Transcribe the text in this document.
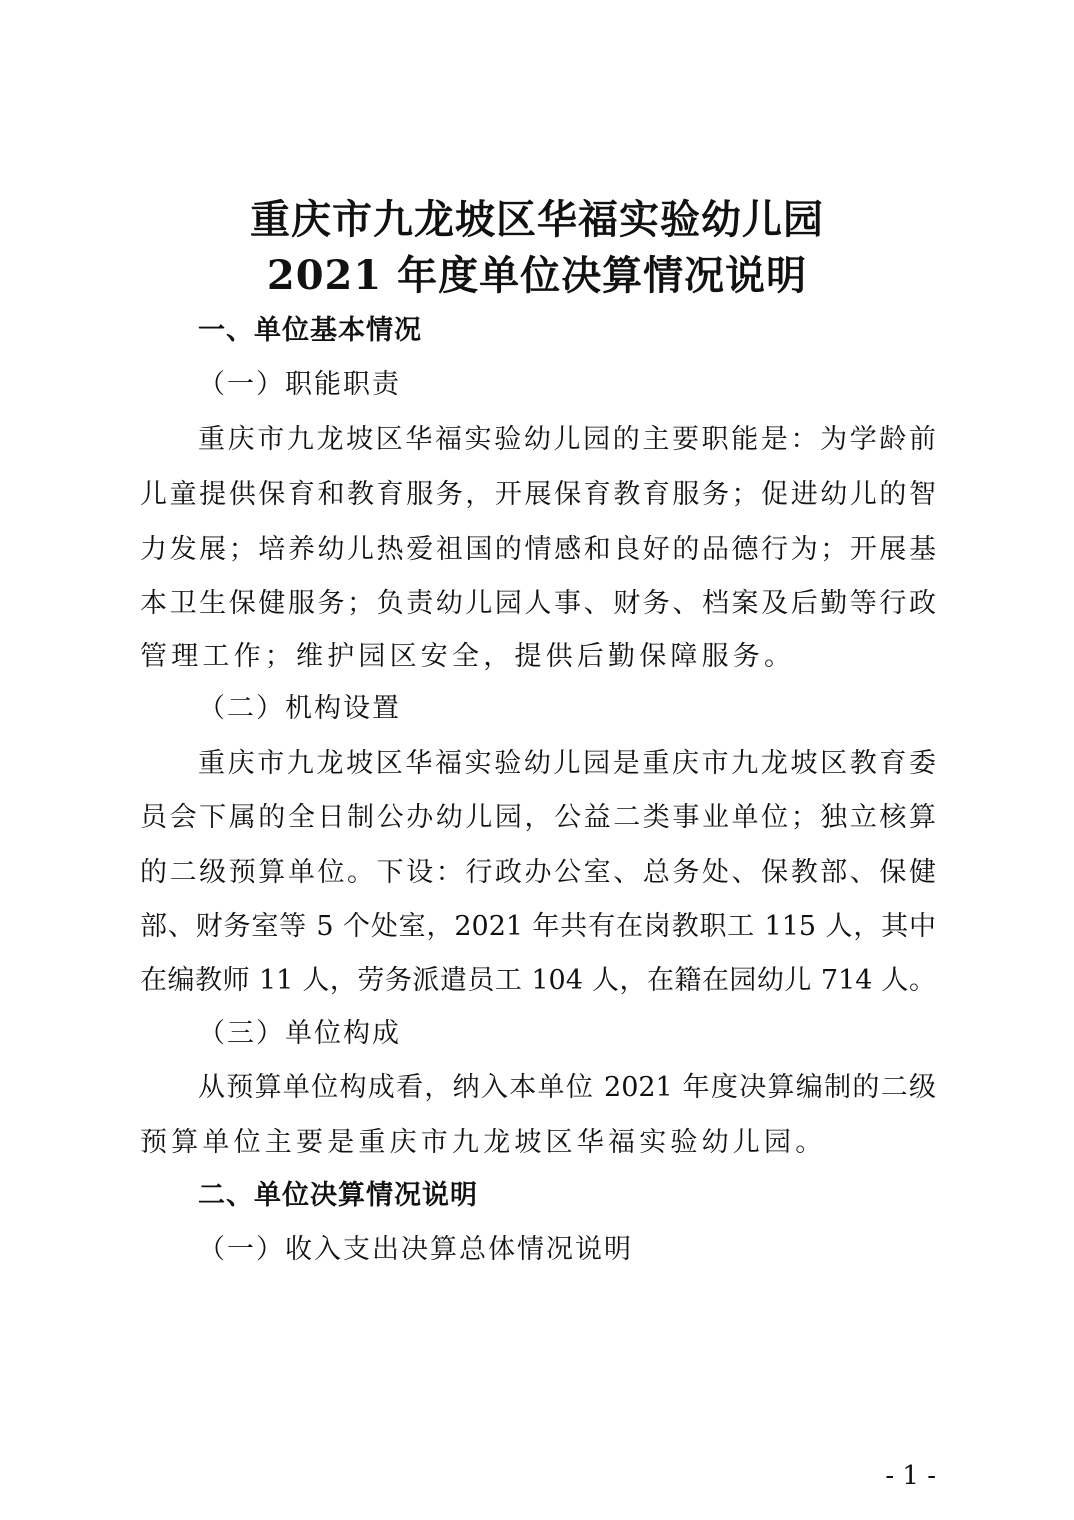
重庆市九龙坡区华福实验幼儿园
2021 年度单位决算情况说明
一、单位基本情况
（一）职能职责
重庆市九龙坡区华福实验幼儿园的主要职能是：为学龄前
儿童提供保育和教育服务，开展保育教育服务；促进幼儿的智
力发展；培养幼儿热爱祖国的情感和良好的品德行为；开展基
本卫生保健服务；负责幼儿园人事、财务、档案及后勤等行政
管理工作；维护园区安全，提供后勤保障服务。
（二）机构设置
重庆市九龙坡区华福实验幼儿园是重庆市九龙坡区教育委
员会下属的全日制公办幼儿园，公益二类事业单位；独立核算
的二级预算单位。下设：行政办公室、总务处、保教部、保健
部、财务室等 5 个处室，2021 年共有在岗教职工 115 人，其中
在编教师 11 人，劳务派遣员工 104 人，在籍在园幼儿 714 人。
（三）单位构成
从预算单位构成看，纳入本单位 2021 年度决算编制的二级
预算单位主要是重庆市九龙坡区华福实验幼儿园。
二、单位决算情况说明
（一）收入支出决算总体情况说明
- 1 -
